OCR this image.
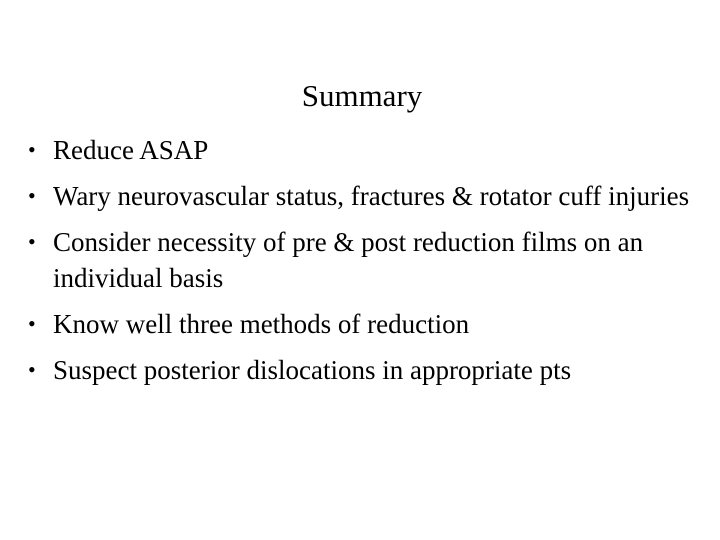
Summary
• Reduce ASAP
• Wary neurovascular status, fractures & rotator cuff injuries
• Consider necessity of pre & post reduction films on an individual basis
• Know well three methods of reduction
• Suspect posterior dislocations in appropriate pts
